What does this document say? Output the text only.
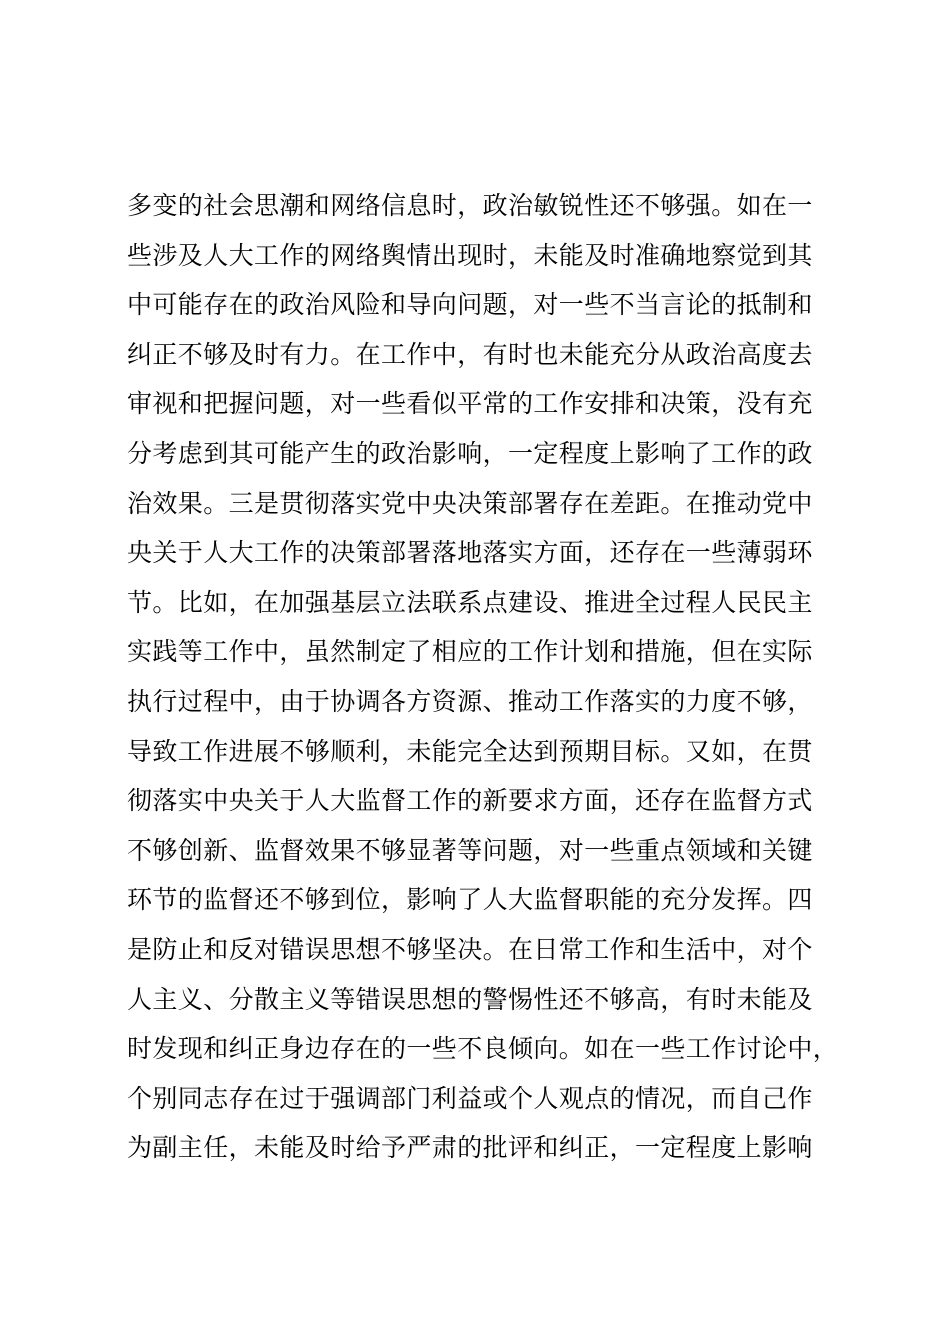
多变的社会思潮和网络信息时，政治敏锐性还不够强。如在一
些涉及人大工作的网络舆情出现时，未能及时准确地察觉到其
中可能存在的政治风险和导向问题，对一些不当言论的抵制和
纠正不够及时有力。在工作中，有时也未能充分从政治高度去
审视和把握问题，对一些看似平常的工作安排和决策，没有充
分考虑到其可能产生的政治影响，一定程度上影响了工作的政
治效果。三是贯彻落实党中央决策部署存在差距。在推动党中
央关于人大工作的决策部署落地落实方面，还存在一些薄弱环
节。比如，在加强基层立法联系点建设、推进全过程人民民主
实践等工作中，虽然制定了相应的工作计划和措施，但在实际
执行过程中，由于协调各方资源、推动工作落实的力度不够，
导致工作进展不够顺利，未能完全达到预期目标。又如，在贯
彻落实中央关于人大监督工作的新要求方面，还存在监督方式
不够创新、监督效果不够显著等问题，对一些重点领域和关键
环节的监督还不够到位，影响了人大监督职能的充分发挥。四
是防止和反对错误思想不够坚决。在日常工作和生活中，对个
人主义、分散主义等错误思想的警惕性还不够高，有时未能及
时发现和纠正身边存在的一些不良倾向。如在一些工作讨论中，
个别同志存在过于强调部门利益或个人观点的情况，而自己作
为副主任，未能及时给予严肃的批评和纠正，一定程度上影响
